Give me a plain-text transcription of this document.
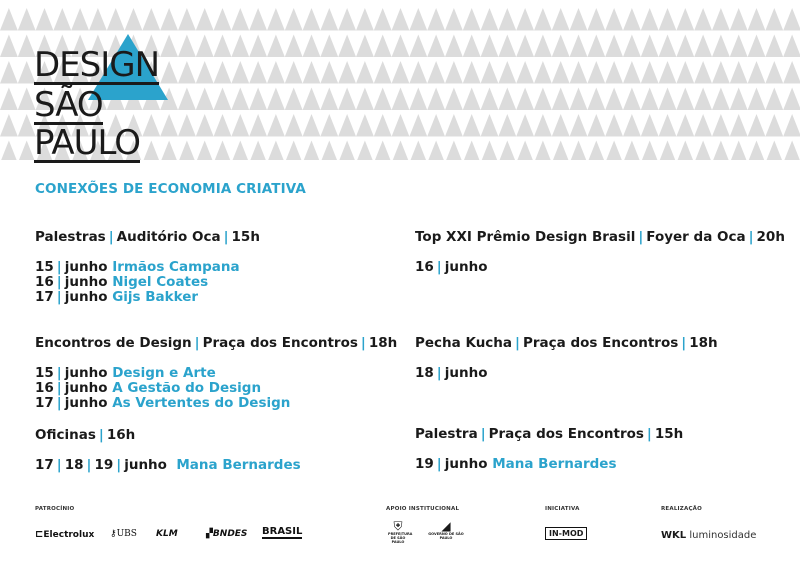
DESIGN
SÃO
PAULO
CONEXÕES DE ECONOMIA CRIATIVA
Palestras | Auditório Oca | 15h
15 | junho Irmãos Campana
16 | junho Nigel Coates
17 | junho Gijs Bakker
Encontros de Design | Praça dos Encontros | 18h
15 | junho Design e Arte
16 | junho A Gestão do Design
17 | junho As Vertentes do Design
Oficinas | 16h
17 | 18 | 19 | junho Mana Bernardes
Top XXI Prêmio Design Brasil | Foyer da Oca | 20h
16 | junho
Pecha Kucha | Praça dos Encontros | 18h
18 | junho
Palestra | Praça dos Encontros | 15h
19 | junho Mana Bernardes
PATROCÍNIO	APOIO INSTITUCIONAL	INICIATIVA	REALIZAÇÃO
⊏Electrolux ⚷UBS KLM	▞BNDES BRASIL	⛨
PREFEITURA DE SÃO PAULO
◢
GOVERNO DE SÃO PAULO	IN-MOD	WKL luminosidade
